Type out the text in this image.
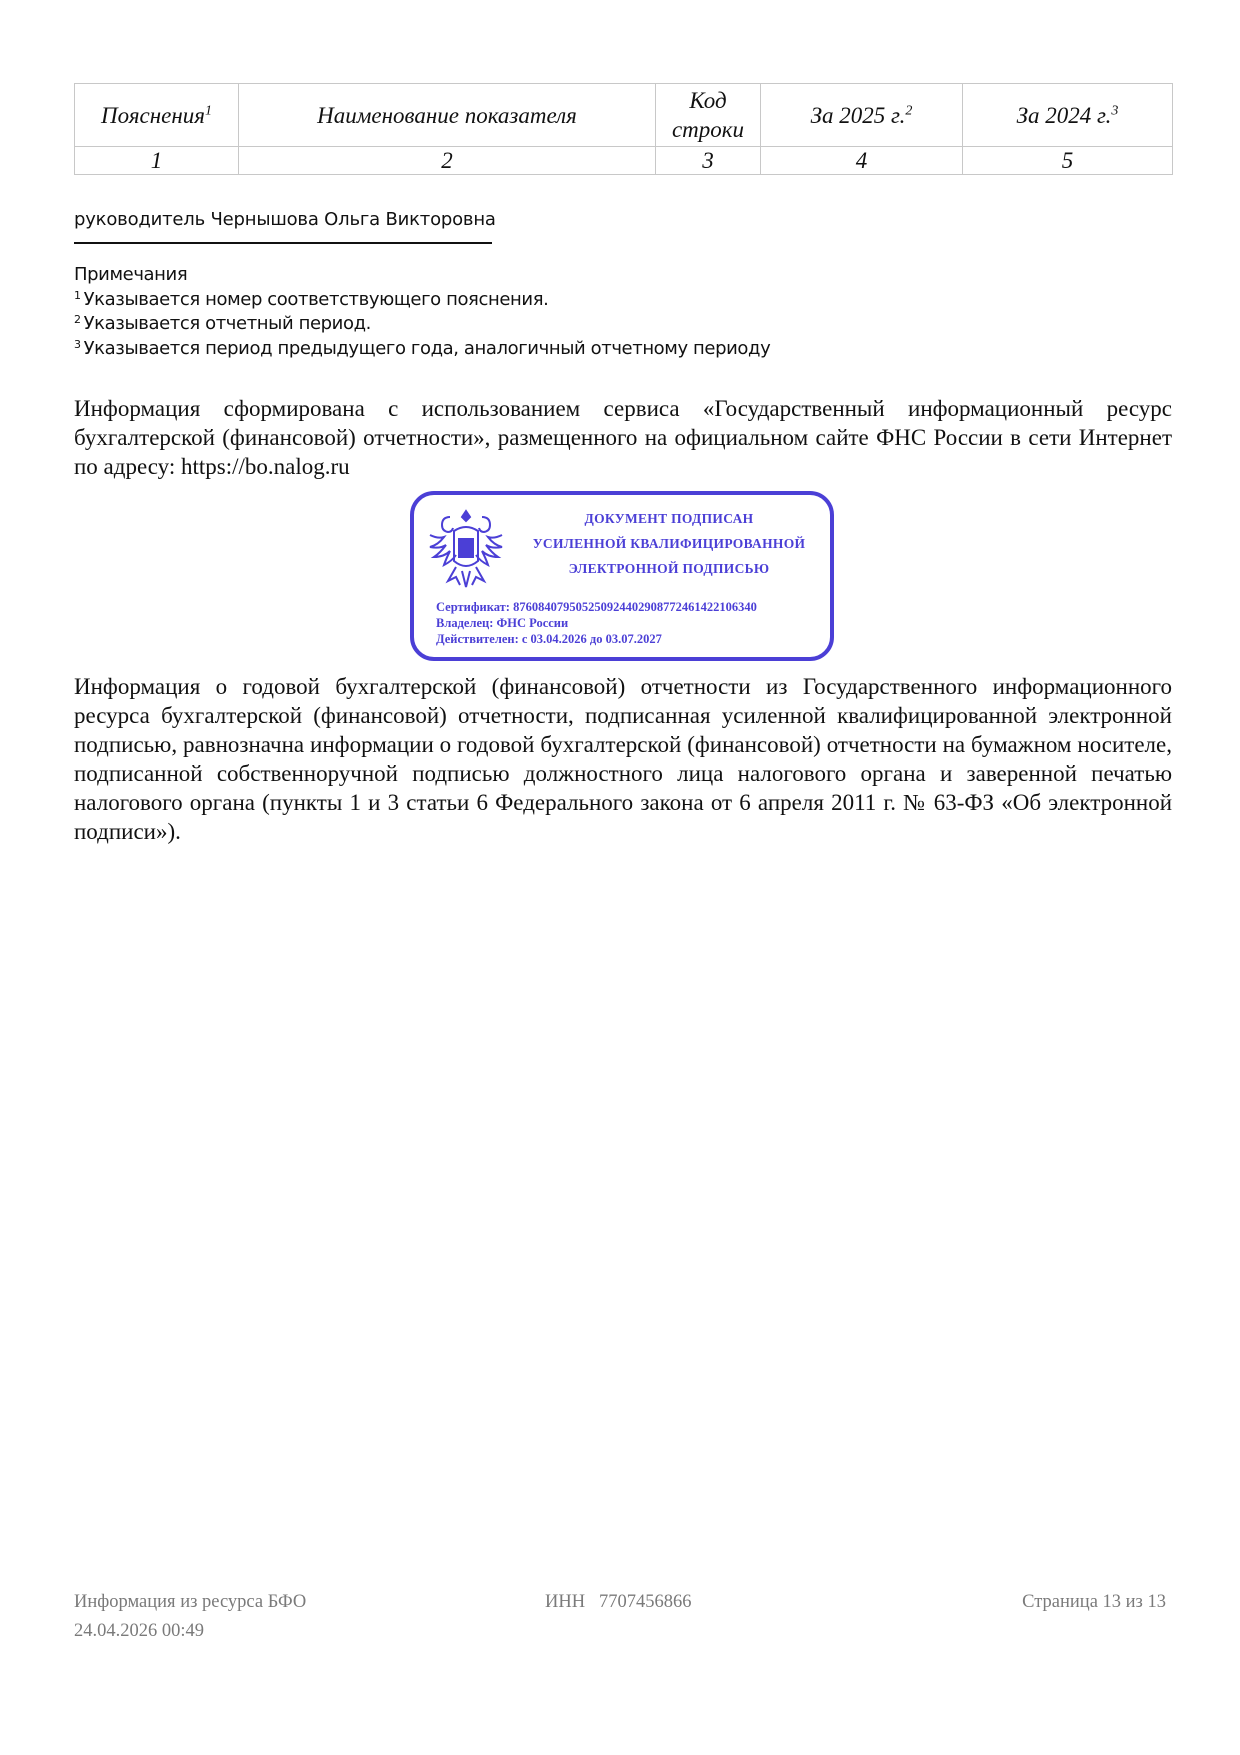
Пояснения$^1$	Наименование показателя	Код строки	За 2025 г.$^2$	За 2024 г.$^3$
1	2	3	4	5
руководитель Чернышова Ольга Викторовна
Примечания
$^1$ Указывается номер соответствующего пояснения.
$^2$ Указывается отчетный период.
$^3$ Указывается период предыдущего года, аналогичный отчетному периоду
Информация сформирована с использованием сервиса «Государственный информационный ресурс бухгалтерской (финансовой) отчетности», размещенного на официальном сайте ФНС России в сети Интернет по адресу: https://bo.nalog.ru
ДОКУМЕНТ ПОДПИСАН
УСИЛЕННОЙ КВАЛИФИЦИРОВАННОЙ
ЭЛЕКТРОННОЙ ПОДПИСЬЮ
Сертификат: 876084079505250924402908772461422106340
Владелец: ФНС России
Действителен: с 03.04.2026 до 03.07.2027
Информация о годовой бухгалтерской (финансовой) отчетности из Государственного информационного ресурса бухгалтерской (финансовой) отчетности, подписанная усиленной квалифицированной электронной подписью, равнозначна информации о годовой бухгалтерской (финансовой) отчетности на бумажном носителе, подписанной собственноручной подписью должностного лица налогового органа и заверенной печатью налогового органа (пункты 1 и 3 статьи 6 Федерального закона от 6 апреля 2011 г. № 63-ФЗ «Об электронной подписи»).
Информация из ресурса БФО
24.04.2026 00:49
ИНН 7707456866	Страница 13 из 13
